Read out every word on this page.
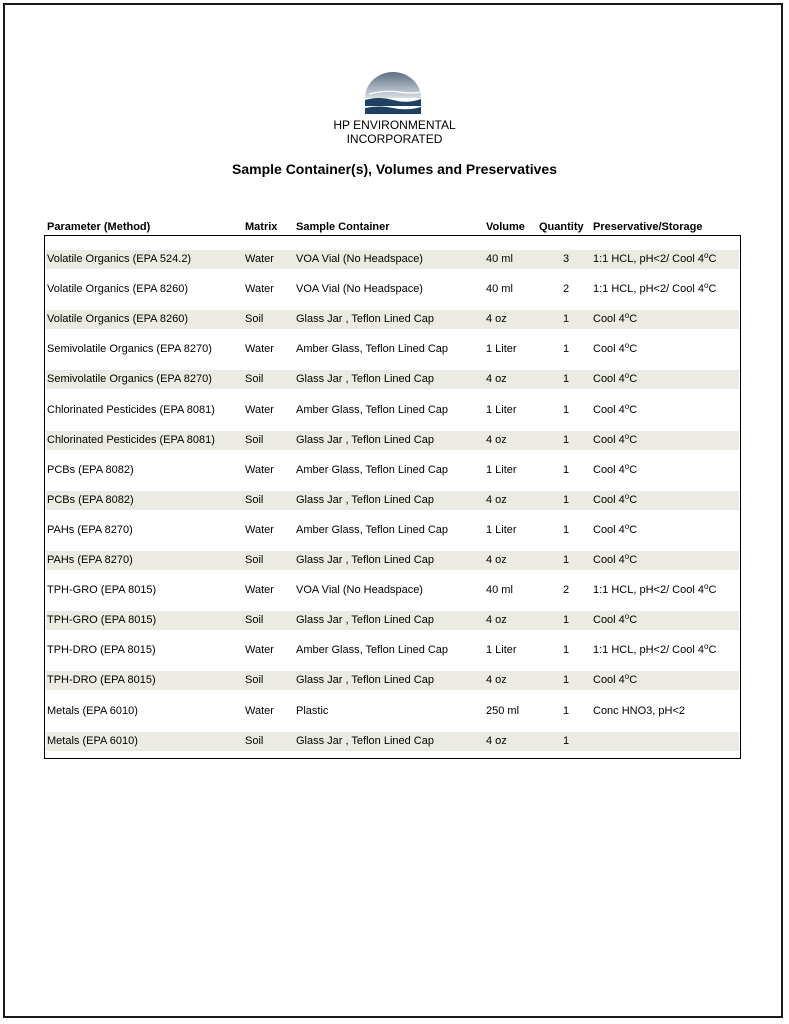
HP ENVIRONMENTAL
INCORPORATED
Sample Container(s), Volumes and Preservatives
Parameter (Method)	Matrix Sample Container	Volume Quantity Preservative/Storage
Volatile Organics (EPA 524.2)	Water VOA Vial (No Headspace)	40 ml	3	1:1 HCL, pH<2/ Cool 4$^o$C
Volatile Organics (EPA 8260)	Water VOA Vial (No Headspace)	40 ml	2	1:1 HCL, pH<2/ Cool 4$^o$C
Volatile Organics (EPA 8260)	Soil	Glass Jar , Teflon Lined Cap	4 oz	1	Cool 4$^o$C
Semivolatile Organics (EPA 8270)	Water Amber Glass, Teflon Lined Cap	1 Liter	1	Cool 4$^o$C
Semivolatile Organics (EPA 8270)	Soil	Glass Jar , Teflon Lined Cap	4 oz	1	Cool 4$^o$C
Chlorinated Pesticides (EPA 8081)	Water Amber Glass, Teflon Lined Cap	1 Liter	1	Cool 4$^o$C
Chlorinated Pesticides (EPA 8081)	Soil	Glass Jar , Teflon Lined Cap	4 oz	1	Cool 4$^o$C
PCBs (EPA 8082)	Water Amber Glass, Teflon Lined Cap	1 Liter	1	Cool 4$^o$C
PCBs (EPA 8082)	Soil	Glass Jar , Teflon Lined Cap	4 oz	1	Cool 4$^o$C
PAHs (EPA 8270)	Water Amber Glass, Teflon Lined Cap	1 Liter	1	Cool 4$^o$C
PAHs (EPA 8270)	Soil	Glass Jar , Teflon Lined Cap	4 oz	1	Cool 4$^o$C
TPH-GRO (EPA 8015)	Water VOA Vial (No Headspace)	40 ml	2	1:1 HCL, pH<2/ Cool 4$^o$C
TPH-GRO (EPA 8015)	Soil	Glass Jar , Teflon Lined Cap	4 oz	1	Cool 4$^o$C
TPH-DRO (EPA 8015)	Water Amber Glass, Teflon Lined Cap	1 Liter	1	1:1 HCL, pH<2/ Cool 4$^o$C
TPH-DRO (EPA 8015)	Soil	Glass Jar , Teflon Lined Cap	4 oz	1	Cool 4$^o$C
Metals (EPA 6010)	Water Plastic	250 ml	1	Conc HNO3, pH<2
Metals (EPA 6010)	Soil	Glass Jar , Teflon Lined Cap	4 oz	1
